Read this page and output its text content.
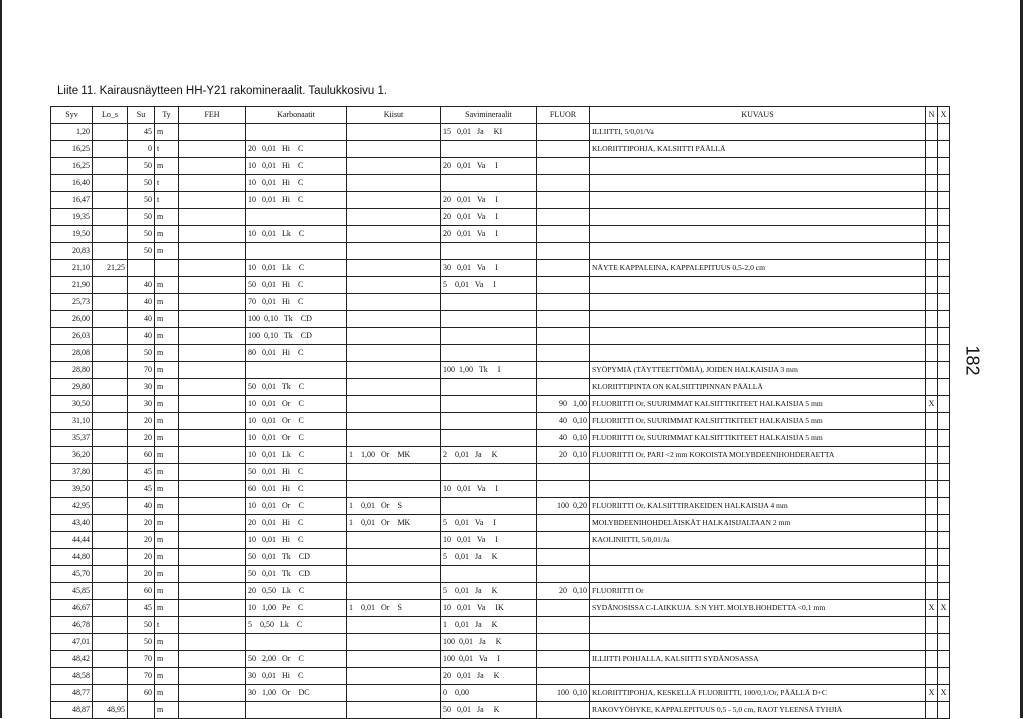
Liite 11. Kairausnäytteen HH-Y21 rakomineraalit. Taulukkosivu 1.
182
Syv	Lo_s	Su	Ty	FEH	Karbonaatit	Kiisut	Savimineraalit	FLUOR	KUVAUS	N	X
1,20		45	m				15   0,01   Ja     KI		ILLIITTI, 5/0,01/Va		
16,25		0	t		20   0,01   Hi    C				KLORIITTIPOHJA, KALSIITTI PÄÄLLÄ		
16,25		50	m		10   0,01   Hi    C		20   0,01   Va     I				
16,40		50	t		10   0,01   Hi    C						
16,47		50	t		10   0,01   Hi    C		20   0,01   Va     I				
19,35		50	m				20   0,01   Va     I				
19,50		50	m		10   0,01   Lk    C		20   0,01   Va     I				
20,83		50	m								
21,10	21,25				10   0,01   Lk    C		30   0,01   Va     I		NÄYTE KAPPALEINA, KAPPALEPITUUS 0,5-2,0 cm		
21,90		40	m		50   0,01   Hi    C		5    0,01   Va     I				
25,73		40	m		70   0,01   Hi    C						
26,00		40	m		100  0,10   Tk    CD						
26,03		40	m		100  0,10   Tk    CD						
28,08		50	m		80   0,01   Hi    C						
28,80		70	m				100  1,00   Tk     I		SYÖPYMIÄ (TÄYTTEETTÖMIÄ), JOIDEN HALKAISIJA 3 mm		
29,80		30	m		50   0,01   Tk    C				KLORIITTIPINTA ON KALSIITTIPINNAN PÄÄLLÄ		
30,50		30	m		10   0,01   Or    C			90   1,00	FLUORIITTI Or, SUURIMMAT KALSIITTIKITEET HALKAISIJA 5 mm	X	
31,10		20	m		10   0,01   Or    C			40   0,10	FLUORIITTI Or, SUURIMMAT KALSIITTIKITEET HALKAISIJA 5 mm		
35,37		20	m		10   0,01   Or    C			40   0,10	FLUORIITTI Or, SUURIMMAT KALSIITTIKITEET HALKAISIJA 5 mm		
36,20		60	m		10   0,01   Lk    C	1    1,00   Or    MK	2    0,01   Ja     K	20   0,10	FLUORIITTI Or, PARI <2 mm KOKOISTA MOLYBDEENIHOHDERAETTA		
37,80		45	m		50   0,01   Hi    C						
39,50		45	m		60   0,01   Hi    C		10   0,01   Va     I				
42,95		40	m		10   0,01   Or    C	1    0,01   Or    S		100  0,20	FLUORIITTI Or, KALSIITTIRAKEIDEN HALKAISIJA 4 mm		
43,40		20	m		20   0,01   Hi    C	1    0,01   Or    MK	5    0,01   Va     I		MOLYBDEENIHOHDELÄISKÄT HALKAISIJALTAAN 2 mm		
44,44		20	m		10   0,01   Hi    C		10   0,01   Va     I		KAOLINIITTI, 5/0,01/Ja		
44,80		20	m		50   0,01   Tk    CD		5    0,01   Ja     K				
45,70		20	m		50   0,01   Tk    CD						
45,85		60	m		20   0,50   Lk    C		5    0,01   Ja     K	20   0,10	FLUORIITTI Or		
46,67		45	m		10   1,00   Pe    C	1    0,01   Or    S	10   0,01   Va     IK		SYDÄNOSISSA C-LAIKKUJA. S:N YHT. MOLYB.HOHDETTA <0,1 mm	X	X
46,78		50	t		5    0,50   Lk    C		1    0,01   Ja     K				
47,01		50	m				100  0,01   Ja     K				
48,42		70	m		50   2,00   Or    C		100  0,01   Va     I		ILLIITTI POHJALLA, KALSIITTI SYDÄNOSASSA		
48,58		70	m		30   0,01   Hi    C		20   0,01   Ja     K				
48,77		60	m		30   1,00   Or    DC		0    0,00	100  0,10	KLORIITTIPOHJA, KESKELLÄ FLUORIITTI, 100/0,1/Or, PÄÄLLÄ D+C	X	X
48,87	48,95		m				50   0,01   Ja     K		RAKOVYÖHYKE, KAPPALEPITUUS 0,5 - 5,0 cm, RAOT YLEENSÄ TYHJIÄ		
